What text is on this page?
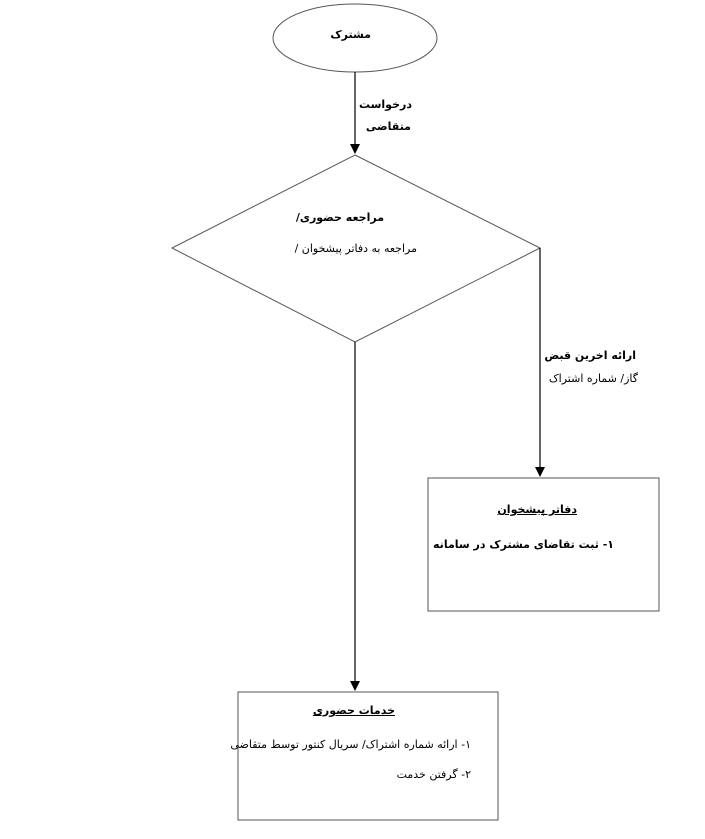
مشترک
درخواست
متقاضی
مراجعه حضوری/
مراجعه به دفاتر پیشخوان /
ارائه اخرین قبض
گاز/ شماره اشتراک
دفاتر پیشخوان
۱- ثبت تقاضای مشترک در سامانه
خدمات حضوری
۱- ارائه شماره اشتراک/ سریال کنتور توسط متقاضی
۲- گرفتن خدمت
